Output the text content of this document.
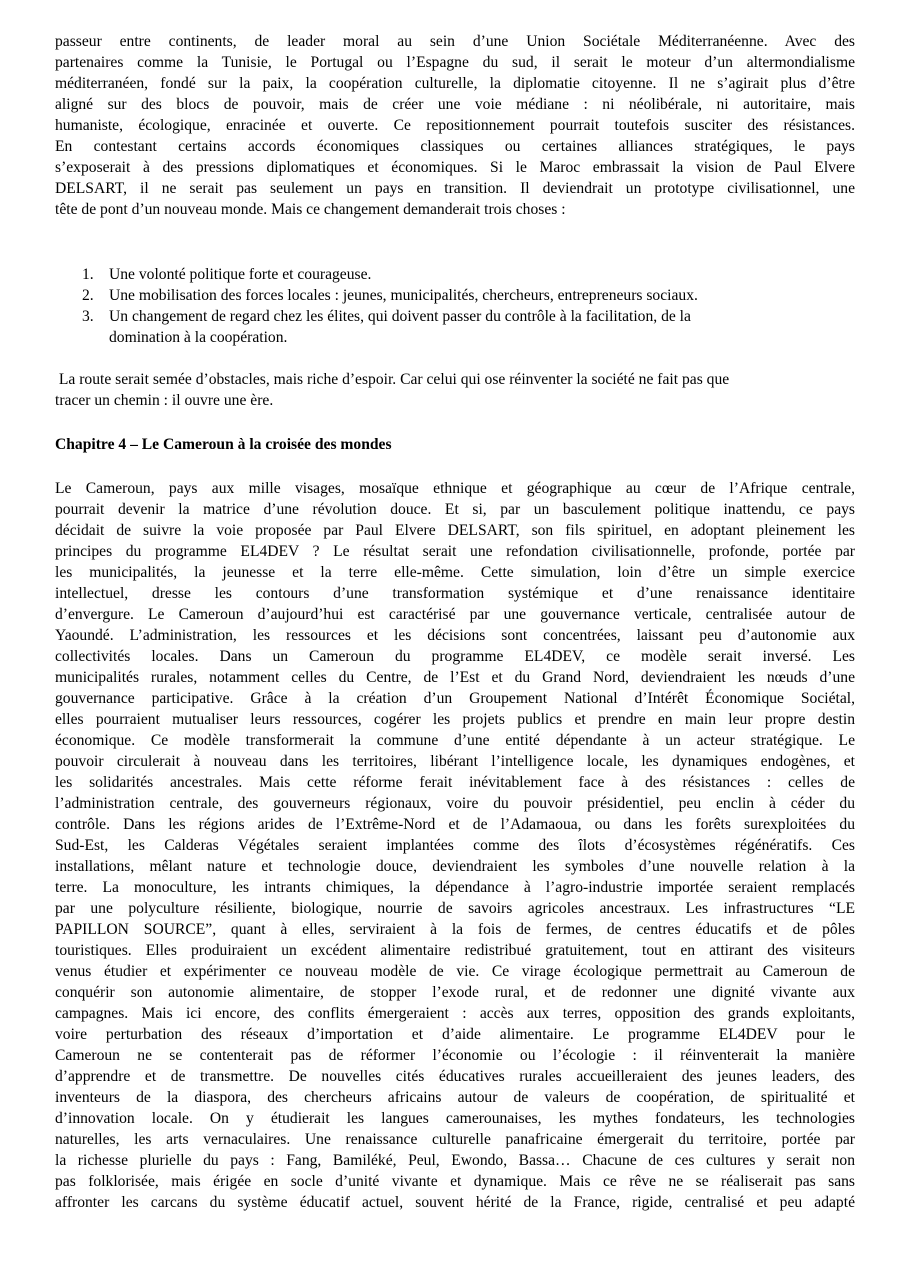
passeur entre continents, de leader moral au sein d’une Union Sociétale Méditerranéenne. Avec des
partenaires comme la Tunisie, le Portugal ou l’Espagne du sud, il serait le moteur d’un altermondialisme
méditerranéen, fondé sur la paix, la coopération culturelle, la diplomatie citoyenne. Il ne s’agirait plus d’être
aligné sur des blocs de pouvoir, mais de créer une voie médiane : ni néolibérale, ni autoritaire, mais
humaniste, écologique, enracinée et ouverte. Ce repositionnement pourrait toutefois susciter des résistances.
En contestant certains accords économiques classiques ou certaines alliances stratégiques, le pays
s’exposerait à des pressions diplomatiques et économiques. Si le Maroc embrassait la vision de Paul Elvere
DELSART, il ne serait pas seulement un pays en transition. Il deviendrait un prototype civilisationnel, une
tête de pont d’un nouveau monde. Mais ce changement demanderait trois choses :
1. Une volonté politique forte et courageuse.
2. Une mobilisation des forces locales : jeunes, municipalités, chercheurs, entrepreneurs sociaux.
3. Un changement de regard chez les élites, qui doivent passer du contrôle à la facilitation, de la
domination à la coopération.
La route serait semée d’obstacles, mais riche d’espoir. Car celui qui ose réinventer la société ne fait pas que
tracer un chemin : il ouvre une ère.
Chapitre 4 – Le Cameroun à la croisée des mondes
Le Cameroun, pays aux mille visages, mosaïque ethnique et géographique au cœur de l’Afrique centrale,
pourrait devenir la matrice d’une révolution douce. Et si, par un basculement politique inattendu, ce pays
décidait de suivre la voie proposée par Paul Elvere DELSART, son fils spirituel, en adoptant pleinement les
principes du programme EL4DEV ? Le résultat serait une refondation civilisationnelle, profonde, portée par
les municipalités, la jeunesse et la terre elle-même. Cette simulation, loin d’être un simple exercice
intellectuel, dresse les contours d’une transformation systémique et d’une renaissance identitaire
d’envergure. Le Cameroun d’aujourd’hui est caractérisé par une gouvernance verticale, centralisée autour de
Yaoundé. L’administration, les ressources et les décisions sont concentrées, laissant peu d’autonomie aux
collectivités locales. Dans un Cameroun du programme EL4DEV, ce modèle serait inversé. Les
municipalités rurales, notamment celles du Centre, de l’Est et du Grand Nord, deviendraient les nœuds d’une
gouvernance participative. Grâce à la création d’un Groupement National d’Intérêt Économique Sociétal,
elles pourraient mutualiser leurs ressources, cogérer les projets publics et prendre en main leur propre destin
économique. Ce modèle transformerait la commune d’une entité dépendante à un acteur stratégique. Le
pouvoir circulerait à nouveau dans les territoires, libérant l’intelligence locale, les dynamiques endogènes, et
les solidarités ancestrales. Mais cette réforme ferait inévitablement face à des résistances : celles de
l’administration centrale, des gouverneurs régionaux, voire du pouvoir présidentiel, peu enclin à céder du
contrôle. Dans les régions arides de l’Extrême-Nord et de l’Adamaoua, ou dans les forêts surexploitées du
Sud-Est, les Calderas Végétales seraient implantées comme des îlots d’écosystèmes régénératifs. Ces
installations, mêlant nature et technologie douce, deviendraient les symboles d’une nouvelle relation à la
terre. La monoculture, les intrants chimiques, la dépendance à l’agro-industrie importée seraient remplacés
par une polyculture résiliente, biologique, nourrie de savoirs agricoles ancestraux. Les infrastructures “LE
PAPILLON SOURCE”, quant à elles, serviraient à la fois de fermes, de centres éducatifs et de pôles
touristiques. Elles produiraient un excédent alimentaire redistribué gratuitement, tout en attirant des visiteurs
venus étudier et expérimenter ce nouveau modèle de vie. Ce virage écologique permettrait au Cameroun de
conquérir son autonomie alimentaire, de stopper l’exode rural, et de redonner une dignité vivante aux
campagnes. Mais ici encore, des conflits émergeraient : accès aux terres, opposition des grands exploitants,
voire perturbation des réseaux d’importation et d’aide alimentaire. Le programme EL4DEV pour le
Cameroun ne se contenterait pas de réformer l’économie ou l’écologie : il réinventerait la manière
d’apprendre et de transmettre. De nouvelles cités éducatives rurales accueilleraient des jeunes leaders, des
inventeurs de la diaspora, des chercheurs africains autour de valeurs de coopération, de spiritualité et
d’innovation locale. On y étudierait les langues camerounaises, les mythes fondateurs, les technologies
naturelles, les arts vernaculaires. Une renaissance culturelle panafricaine émergerait du territoire, portée par
la richesse plurielle du pays : Fang, Bamiléké, Peul, Ewondo, Bassa… Chacune de ces cultures y serait non
pas folklorisée, mais érigée en socle d’unité vivante et dynamique. Mais ce rêve ne se réaliserait pas sans
affronter les carcans du système éducatif actuel, souvent hérité de la France, rigide, centralisé et peu adapté
